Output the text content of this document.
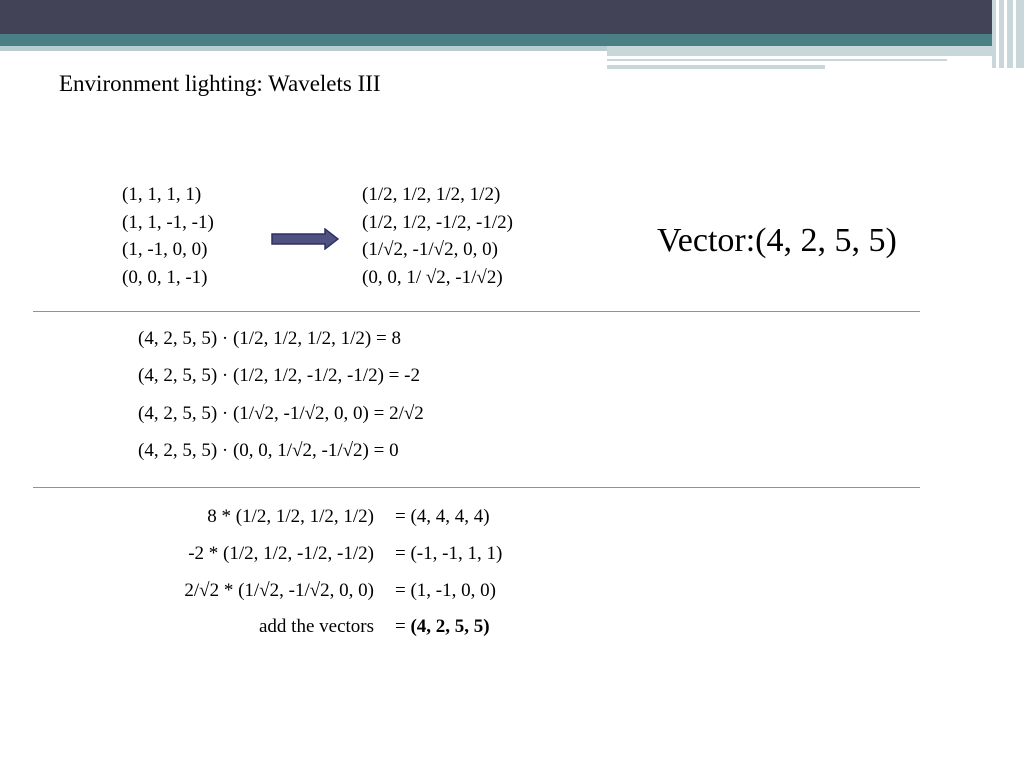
Environment lighting: Wavelets III
(1, 1, 1, 1)
(1, 1, -1, -1)
(1, -1, 0, 0)
(0, 0, 1, -1)
(1/2, 1/2, 1/2, 1/2)
(1/2, 1/2, -1/2, -1/2)
(1/√2, -1/√2, 0, 0)
(0, 0, 1/ √2, -1/√2)
Vector:(4, 2, 5, 5)
(4, 2, 5, 5) · (1/2, 1/2, 1/2, 1/2) = 8
(4, 2, 5, 5) · (1/2, 1/2, -1/2, -1/2) = -2
(4, 2, 5, 5) · (1/√2, -1/√2, 0, 0) = 2/√2
(4, 2, 5, 5) · (0, 0, 1/√2, -1/√2) = 0
8 * (1/2, 1/2, 1/2, 1/2) = (4, 4, 4, 4)
-2 * (1/2, 1/2, -1/2, -1/2) = (-1, -1, 1, 1)
2/√2 * (1/√2, -1/√2, 0, 0) = (1, -1, 0, 0)
add the vectors = (4, 2, 5, 5)
